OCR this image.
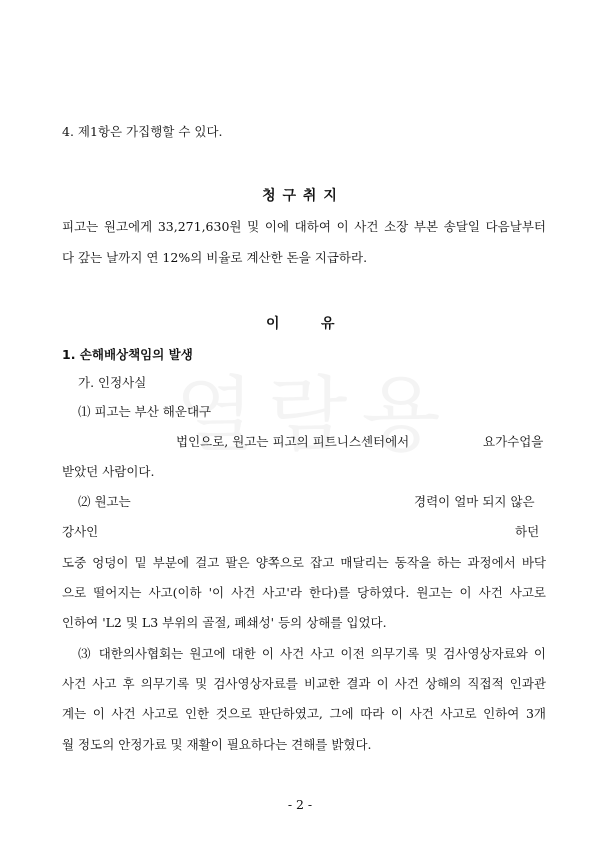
4. 제1항은 가집행할 수 있다.
청 구 취 지
피고는 원고에게 33,271,630원 및 이에 대하여 이 사건 소장 부본 송달일 다음날부터
다 갚는 날까지 연 12%의 비율로 계산한 돈을 지급하라.
이	유
1. 손해배상책임의 발생
가. 인정사실
⑴ 피고는 부산 해운대구
법인으로, 원고는 피고의 피트니스센터에서	요가수업을
받았던 사람이다.
⑵ 원고는	경력이 얼마 되지 않은
강사인	하던
도중 엉덩이 밑 부분에 걸고 팔은 양쪽으로 잡고 매달리는 동작을 하는 과정에서 바닥
으로 떨어지는 사고(이하 '이 사건 사고'라 한다)를 당하였다. 원고는 이 사건 사고로
인하여 'L2 및 L3 부위의 골절, 폐쇄성' 등의 상해를 입었다.
⑶ 대한의사협회는 원고에 대한 이 사건 사고 이전 의무기록 및 검사영상자료와 이
사건 사고 후 의무기록 및 검사영상자료를 비교한 결과 이 사건 상해의 직접적 인과관
계는 이 사건 사고로 인한 것으로 판단하였고, 그에 따라 이 사건 사고로 인하여 3개
월 정도의 안정가료 및 재활이 필요하다는 견해를 밝혔다.
- 2 -
